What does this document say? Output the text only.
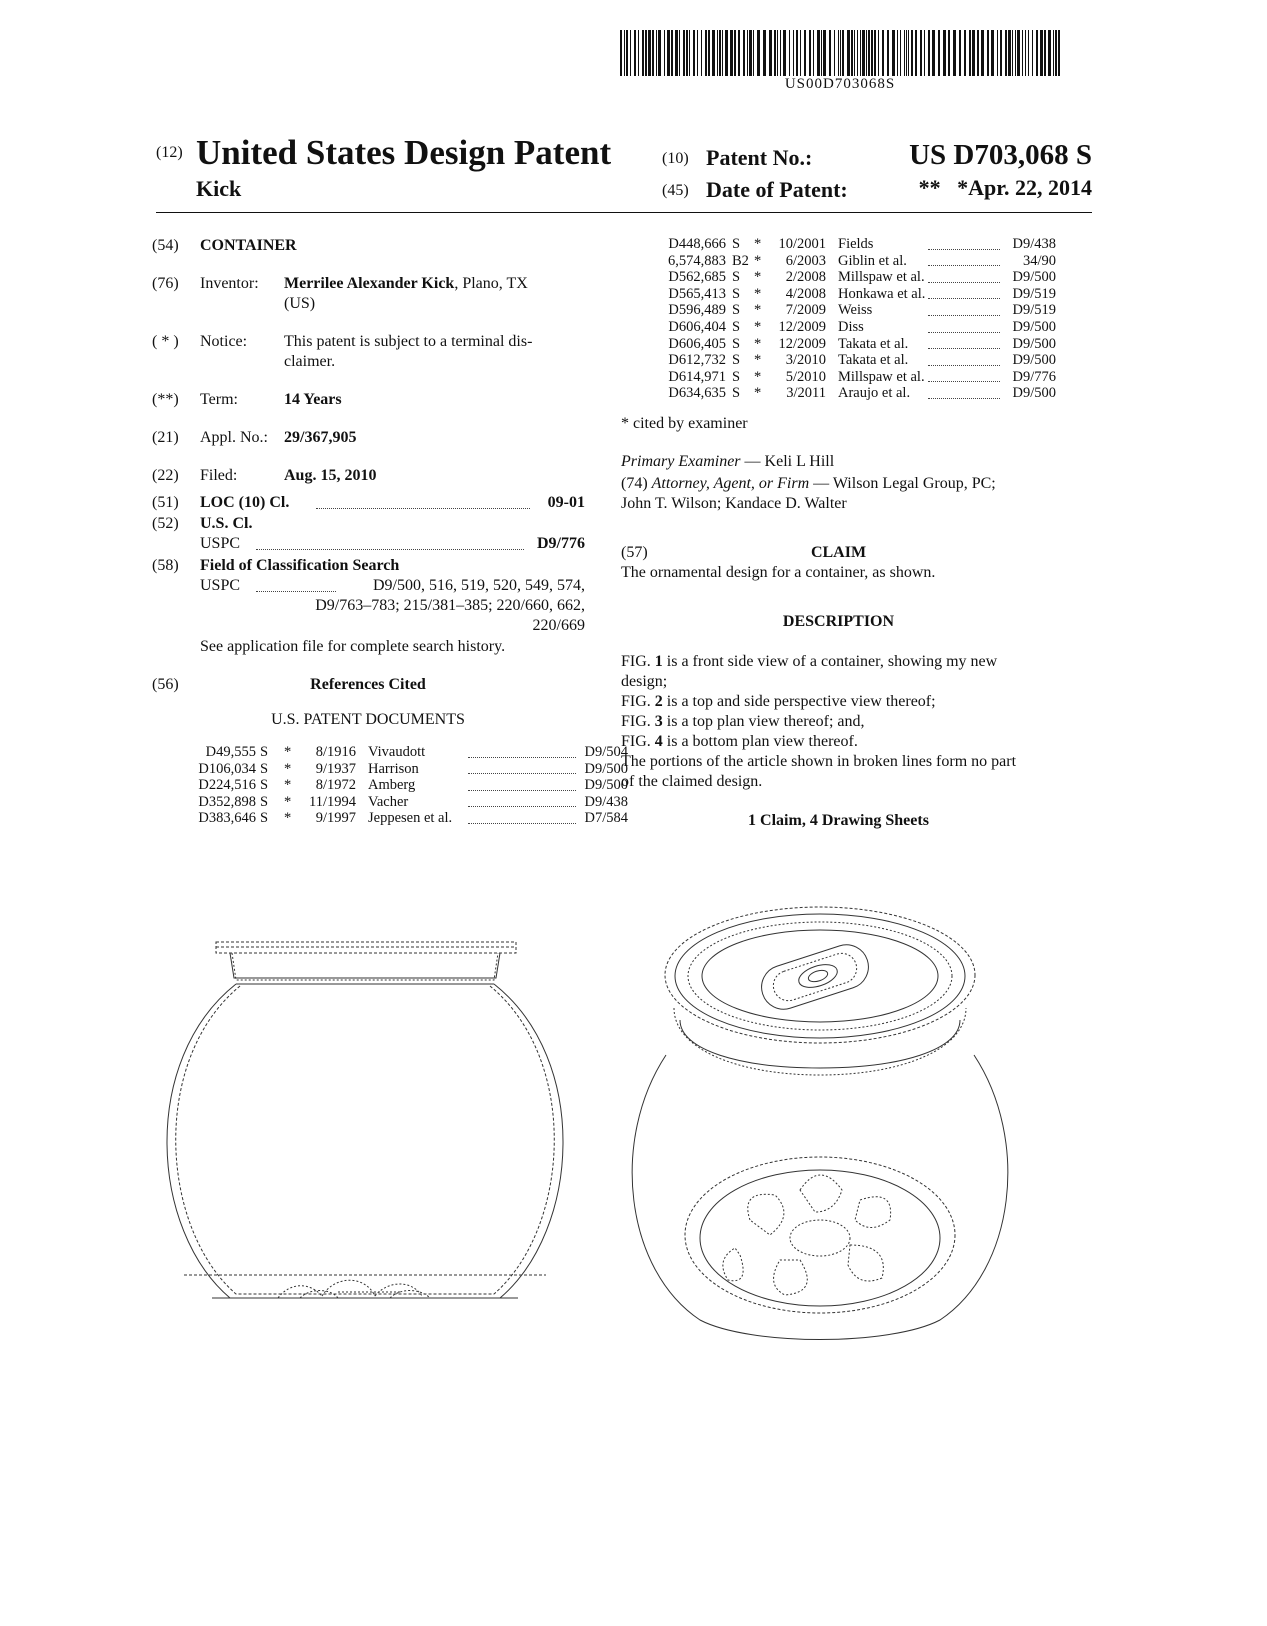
US00D703068S
(12) United States Design Patent
Kick
(10) Patent No.:	US D703,068 S
(45) Date of Patent:	**   *Apr. 22, 2014
(54) CONTAINER
(76) Inventor: Merrilee Alexander Kick, Plano, TX
(US)
( * ) Notice: This patent is subject to a terminal dis-
claimer.
(**) Term:	14 Years
(21) Appl. No.: 29/367,905
(22) Filed:	Aug. 15, 2010
(51) LOC (10) Cl.	09-01
(52) U.S. Cl.
USPC	D9/776
(58) Field of Classification Search
USPC	D9/500, 516, 519, 520, 549, 574,
D9/763–783; 215/381–385; 220/660, 662,
220/669
See application file for complete search history.
(56)	References Cited
U.S. PATENT DOCUMENTS
D49,555 S * 8/1916 Vivaudott	D9/504
D106,034 S * 9/1937 Harrison	D9/500
D224,516 S * 8/1972 Amberg	D9/500
D352,898 S * 11/1994 Vacher	D9/438
D383,646 S * 9/1997 Jeppesen et al.	D7/584
D448,666 S * 10/2001 Fields	D9/438
6,574,883 B2 * 6/2003 Giblin et al.	34/90
D562,685 S * 2/2008 Millspaw et al.	D9/500
D565,413 S * 4/2008 Honkawa et al.	D9/519
D596,489 S * 7/2009 Weiss	D9/519
D606,404 S * 12/2009 Diss	D9/500
D606,405 S * 12/2009 Takata et al.	D9/500
D612,732 S * 3/2010 Takata et al.	D9/500
D614,971 S * 5/2010 Millspaw et al.	D9/776
D634,635 S * 3/2011 Araujo et al.	D9/500
* cited by examiner
Primary Examiner — Keli L Hill
(74) Attorney, Agent, or Firm — Wilson Legal Group, PC;
John T. Wilson; Kandace D. Walter
(57)	CLAIM
The ornamental design for a container, as shown.
DESCRIPTION
FIG. 1 is a front side view of a container, showing my new
design;
FIG. 2 is a top and side perspective view thereof;
FIG. 3 is a top plan view thereof; and,
FIG. 4 is a bottom plan view thereof.
The portions of the article shown in broken lines form no part
of the claimed design.
1 Claim, 4 Drawing Sheets
